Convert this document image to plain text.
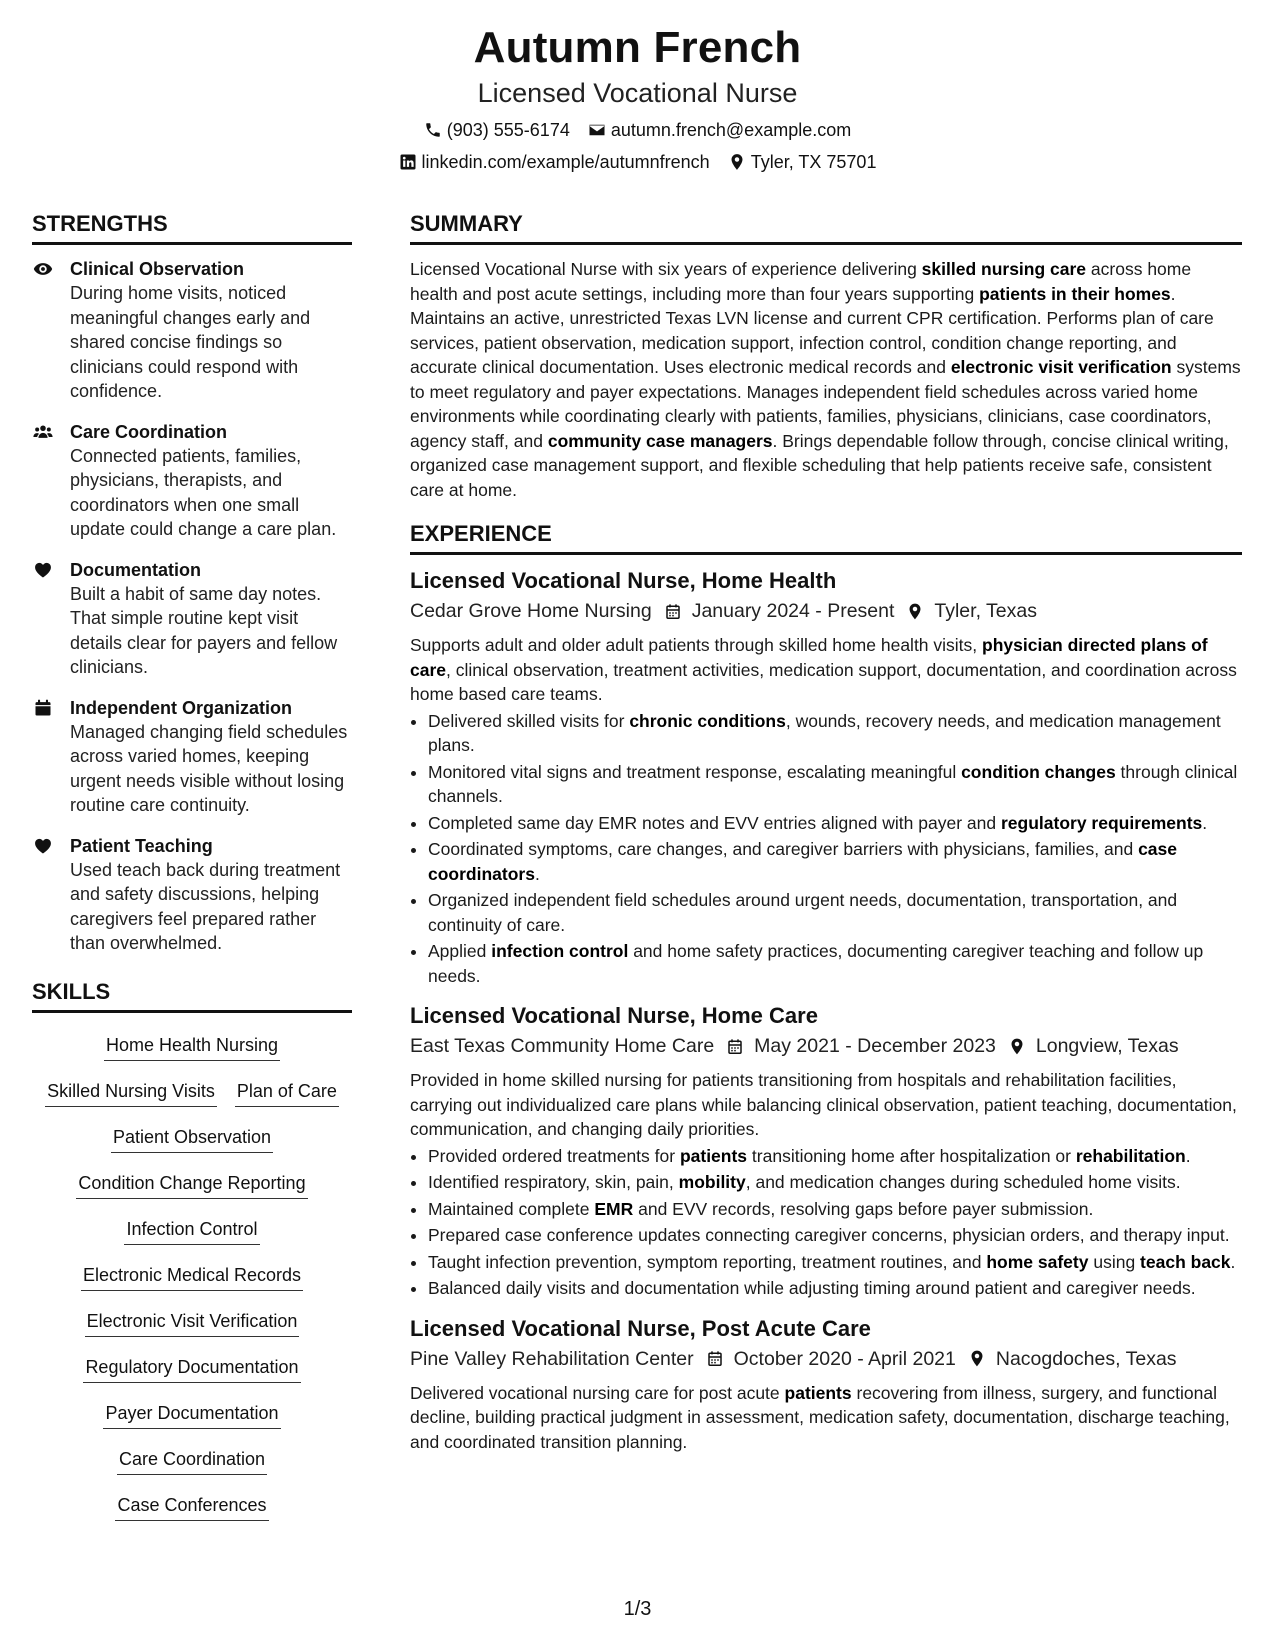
Autumn French
Licensed Vocational Nurse
(903) 555-6174 autumn.french@example.com
linkedin.com/example/autumnfrench Tyler, TX 75701
STRENGTHS
Clinical Observation
During home visits, noticed meaningful changes early and shared concise findings so clinicians could respond with confidence.
Care Coordination
Connected patients, families, physicians, therapists, and coordinators when one small update could change a care plan.
Documentation
Built a habit of same day notes. That simple routine kept visit details clear for payers and fellow clinicians.
Independent Organization
Managed changing field schedules across varied homes, keeping urgent needs visible without losing routine care continuity.
Patient Teaching
Used teach back during treatment and safety discussions, helping caregivers feel prepared rather than overwhelmed.
SKILLS
Home Health Nursing
Skilled Nursing Visits Plan of Care
Patient Observation
Condition Change Reporting
Infection Control
Electronic Medical Records
Electronic Visit Verification
Regulatory Documentation
Payer Documentation
Care Coordination
Case Conferences
SUMMARY
Licensed Vocational Nurse with six years of experience delivering skilled nursing care across home health and post acute settings, including more than four years supporting patients in their homes. Maintains an active, unrestricted Texas LVN license and current CPR certification. Performs plan of care services, patient observation, medication support, infection control, condition change reporting, and accurate clinical documentation. Uses electronic medical records and electronic visit verification systems to meet regulatory and payer expectations. Manages independent field schedules across varied home environments while coordinating clearly with patients, families, physicians, clinicians, case coordinators, agency staff, and community case managers. Brings dependable follow through, concise clinical writing, organized case management support, and flexible scheduling that help patients receive safe, consistent care at home.
EXPERIENCE
Licensed Vocational Nurse, Home Health
Cedar Grove Home Nursing January 2024 - Present Tyler, Texas
Supports adult and older adult patients through skilled home health visits, physician directed plans of care, clinical observation, treatment activities, medication support, documentation, and coordination across home based care teams.
• Delivered skilled visits for chronic conditions, wounds, recovery needs, and medication management plans.
• Monitored vital signs and treatment response, escalating meaningful condition changes through clinical channels.
• Completed same day EMR notes and EVV entries aligned with payer and regulatory requirements.
• Coordinated symptoms, care changes, and caregiver barriers with physicians, families, and case coordinators.
• Organized independent field schedules around urgent needs, documentation, transportation, and continuity of care.
• Applied infection control and home safety practices, documenting caregiver teaching and follow up needs.
Licensed Vocational Nurse, Home Care
East Texas Community Home Care May 2021 - December 2023 Longview, Texas
Provided in home skilled nursing for patients transitioning from hospitals and rehabilitation facilities, carrying out individualized care plans while balancing clinical observation, patient teaching, documentation, communication, and changing daily priorities.
• Provided ordered treatments for patients transitioning home after hospitalization or rehabilitation.
• Identified respiratory, skin, pain, mobility, and medication changes during scheduled home visits.
• Maintained complete EMR and EVV records, resolving gaps before payer submission.
• Prepared case conference updates connecting caregiver concerns, physician orders, and therapy input.
• Taught infection prevention, symptom reporting, treatment routines, and home safety using teach back.
• Balanced daily visits and documentation while adjusting timing around patient and caregiver needs.
Licensed Vocational Nurse, Post Acute Care
Pine Valley Rehabilitation Center October 2020 - April 2021 Nacogdoches, Texas
Delivered vocational nursing care for post acute patients recovering from illness, surgery, and functional decline, building practical judgment in assessment, medication safety, documentation, discharge teaching, and coordinated transition planning.
1/3
